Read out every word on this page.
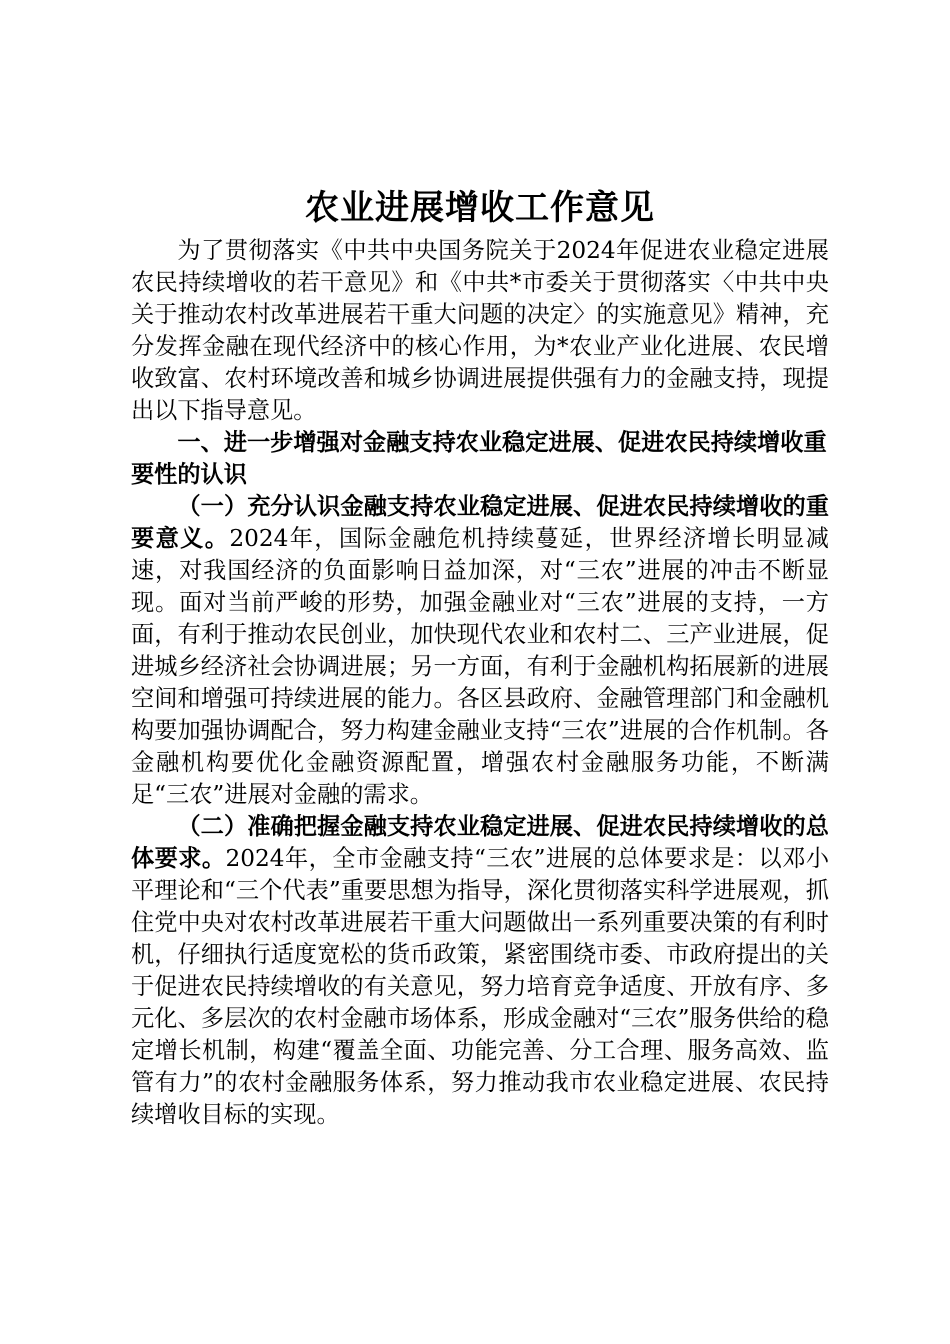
农业进展增收工作意见

为了贯彻落实《中共中央国务院关于2024年促进农业稳定进展农民持续增收的若干意见》和《中共*市委关于贯彻落实〈中共中央关于推动农村改革进展若干重大问题的决定〉的实施意见》精神，充分发挥金融在现代经济中的核心作用，为*农业产业化进展、农民增收致富、农村环境改善和城乡协调进展提供强有力的金融支持，现提出以下指导意见。

一、进一步增强对金融支持农业稳定进展、促进农民持续增收重要性的认识

（一）充分认识金融支持农业稳定进展、促进农民持续增收的重要意义。2024年，国际金融危机持续蔓延，世界经济增长明显减速，对我国经济的负面影响日益加深，对“三农”进展的冲击不断显现。面对当前严峻的形势，加强金融业对“三农”进展的支持，一方面，有利于推动农民创业，加快现代农业和农村二、三产业进展，促进城乡经济社会协调进展；另一方面，有利于金融机构拓展新的进展空间和增强可持续进展的能力。各区县政府、金融管理部门和金融机构要加强协调配合，努力构建金融业支持“三农”进展的合作机制。各金融机构要优化金融资源配置，增强农村金融服务功能，不断满足“三农”进展对金融的需求。

（二）准确把握金融支持农业稳定进展、促进农民持续增收的总体要求。2024年，全市金融支持“三农”进展的总体要求是：以邓小平理论和“三个代表”重要思想为指导，深化贯彻落实科学进展观，抓住党中央对农村改革进展若干重大问题做出一系列重要决策的有利时机，仔细执行适度宽松的货币政策，紧密围绕市委、市政府提出的关于促进农民持续增收的有关意见，努力培育竞争适度、开放有序、多元化、多层次的农村金融市场体系，形成金融对“三农”服务供给的稳定增长机制，构建“覆盖全面、功能完善、分工合理、服务高效、监管有力”的农村金融服务体系，努力推动我市农业稳定进展、农民持续增收目标的实现。
